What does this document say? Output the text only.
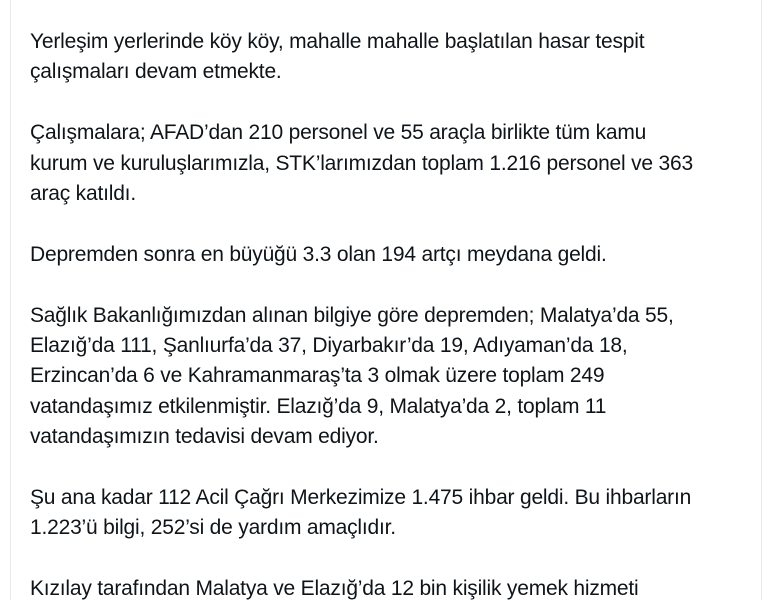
Yerleşim yerlerinde köy köy, mahalle mahalle başlatılan hasar tespit
çalışmaları devam etmekte.
Çalışmalara; AFAD’dan 210 personel ve 55 araçla birlikte tüm kamu
kurum ve kuruluşlarımızla, STK’larımızdan toplam 1.216 personel ve 363
araç katıldı.
Depremden sonra en büyüğü 3.3 olan 194 artçı meydana geldi.
Sağlık Bakanlığımızdan alınan bilgiye göre depremden; Malatya’da 55,
Elazığ’da 111, Şanlıurfa’da 37, Diyarbakır’da 19, Adıyaman’da 18,
Erzincan’da 6 ve Kahramanmaraş’ta 3 olmak üzere toplam 249
vatandaşımız etkilenmiştir. Elazığ’da 9, Malatya’da 2, toplam 11
vatandaşımızın tedavisi devam ediyor.
Şu ana kadar 112 Acil Çağrı Merkezimize 1.475 ihbar geldi. Bu ihbarların
1.223’ü bilgi, 252’si de yardım amaçlıdır.
Kızılay tarafından Malatya ve Elazığ’da 12 bin kişilik yemek hizmeti
